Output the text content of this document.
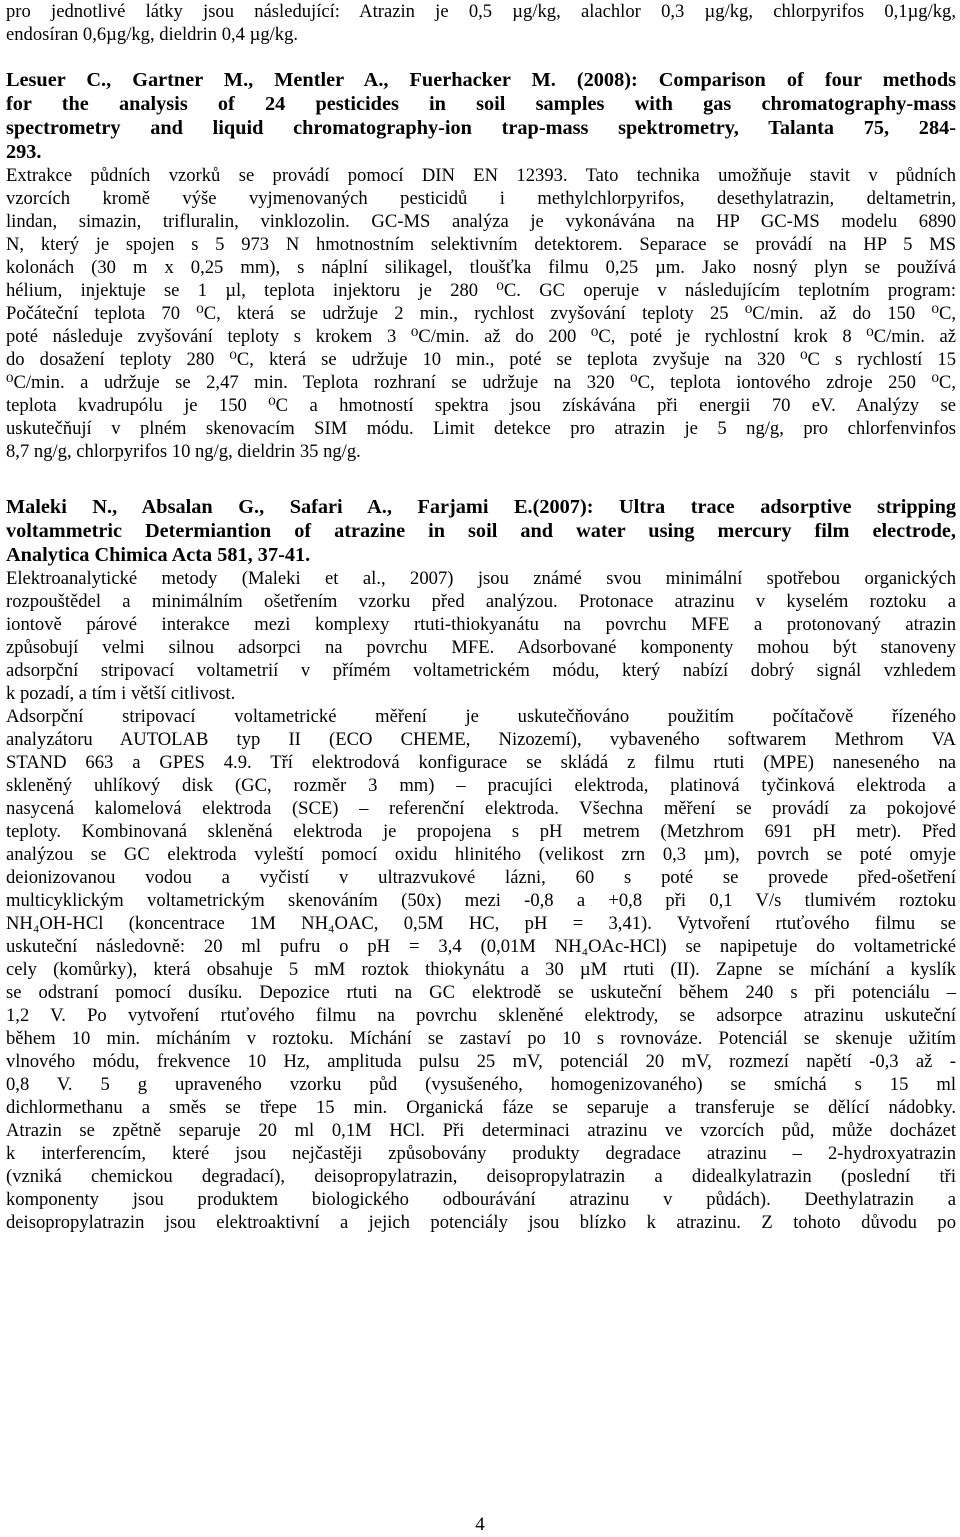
pro jednotlivé látky jsou následující: Atrazin je 0,5 µg/kg, alachlor 0,3 µg/kg, chlorpyrifos 0,1µg/kg,
endosíran 0,6µg/kg, dieldrin 0,4 µg/kg.
Lesuer C., Gartner M., Mentler A., Fuerhacker M. (2008): Comparison of four methods
for the analysis of 24 pesticides in soil samples with gas chromatography-mass
spectrometry and liquid chromatography-ion trap-mass spektrometry, Talanta 75, 284-
293.
Extrakce půdních vzorků se provádí pomocí DIN EN 12393. Tato technika umožňuje stavit v půdních
vzorcích kromě výše vyjmenovaných pesticidů i methylchlorpyrifos, desethylatrazin, deltametrin,
lindan, simazin, trifluralin, vinklozolin. GC-MS analýza je vykonávána na HP GC-MS modelu 6890
N, který je spojen s 5 973 N hmotnostním selektivním detektorem. Separace se provádí na HP 5 MS
kolonách (30 m x 0,25 mm), s náplní silikagel, tloušťka filmu 0,25 µm. Jako nosný plyn se používá
hélium, injektuje se 1 µl, teplota injektoru je 280 ⁰C. GC operuje v následujícím teplotním program:
Počáteční teplota 70 ⁰C, která se udržuje 2 min., rychlost zvyšování teploty 25 ⁰C/min. až do 150 ⁰C,
poté následuje zvyšování teploty s krokem 3 ⁰C/min. až do 200 ⁰C, poté je rychlostní krok 8 ⁰C/min. až
do dosažení teploty 280 ⁰C, která se udržuje 10 min., poté se teplota zvyšuje na 320 ⁰C s rychlostí 15
⁰C/min. a udržuje se 2,47 min. Teplota rozhraní se udržuje na 320 ⁰C, teplota iontového zdroje 250 ⁰C,
teplota kvadrupólu je 150 ⁰C a hmotností spektra jsou získávána při energii 70 eV. Analýzy se
uskutečňují v plném skenovacím SIM módu. Limit detekce pro atrazin je 5 ng/g, pro chlorfenvinfos
8,7 ng/g, chlorpyrifos 10 ng/g, dieldrin 35 ng/g.
Maleki N., Absalan G., Safari A., Farjami E.(2007): Ultra trace adsorptive stripping
voltammetric Determiantion of atrazine in soil and water using mercury film electrode,
Analytica Chimica Acta 581, 37-41.
Elektroanalytické metody (Maleki et al., 2007) jsou známé svou minimální spotřebou organických
rozpouštědel a minimálním ošetřením vzorku před analýzou. Protonace atrazinu v kyselém roztoku a
iontově párové interakce mezi komplexy rtuti-thiokyanátu na povrchu MFE a protonovaný atrazin
způsobují velmi silnou adsorpci na povrchu MFE. Adsorbované komponenty mohou být stanoveny
adsorpční stripovací voltametrií v přímém voltametrickém módu, který nabízí dobrý signál vzhledem
k pozadí, a tím i větší citlivost.
Adsorpční stripovací voltametrické měření je uskutečňováno použitím počítačově řízeného
analyzátoru AUTOLAB typ II (ECO CHEME, Nizozemí), vybaveného softwarem Methrom VA
STAND 663 a GPES 4.9. Tří elektrodová konfigurace se skládá z filmu rtuti (MPE) naneseného na
skleněný uhlíkový disk (GC, rozměr 3 mm) – pracujíci elektroda, platinová tyčinková elektroda a
nasycená kalomelová elektroda (SCE) – referenční elektroda. Všechna měření se provádí za pokojové
teploty. Kombinovaná skleněná elektroda je propojena s pH metrem (Metzhrom 691 pH metr). Před
analýzou se GC elektroda vyleští pomocí oxidu hlinitého (velikost zrn 0,3 µm), povrch se poté omyje
deionizovanou vodou a vyčistí v ultrazvukové lázni, 60 s poté se provede před-ošetření
multicyklickým voltametrickým skenováním (50x) mezi -0,8 a +0,8 při 0,1 V/s tlumivém roztoku
NH₄OH-HCl (koncentrace 1M NH₄OAC, 0,5M HC, pH = 3,41). Vytvoření rtuťového filmu se
uskuteční následovně: 20 ml pufru o pH = 3,4 (0,01M NH₄OAc-HCl) se napipetuje do voltametrické
cely (komůrky), která obsahuje 5 mM roztok thiokynátu a 30 µM rtuti (II). Zapne se míchání a kyslík
se odstraní pomocí dusíku. Depozice rtuti na GC elektrodě se uskuteční během 240 s při potenciálu –
1,2 V. Po vytvoření rtuťového filmu na povrchu skleněné elektrody, se adsorpce atrazinu uskuteční
během 10 min. mícháním v roztoku. Míchání se zastaví po 10 s rovnováze. Potenciál se skenuje užitím
vlnového módu, frekvence 10 Hz, amplituda pulsu 25 mV, potenciál 20 mV, rozmezí napětí -0,3 až -
0,8 V. 5 g upraveného vzorku půd (vysušeného, homogenizovaného) se smíchá s 15 ml
dichlormethanu a směs se třepe 15 min. Organická fáze se separuje a transferuje se dělící nádobky.
Atrazin se zpětně separuje 20 ml 0,1M HCl. Při determinaci atrazinu ve vzorcích půd, může docházet
k interferencím, které jsou nejčastěji způsobovány produkty degradace atrazinu – 2-hydroxyatrazin
(vzniká chemickou degradací), deisopropylatrazin, deisopropylatrazin a didealkylatrazin (poslední tři
komponenty jsou produktem biologického odbourávání atrazinu v půdách). Deethylatrazin a
deisopropylatrazin jsou elektroaktivní a jejich potenciály jsou blízko k atrazinu. Z tohoto důvodu po
4
